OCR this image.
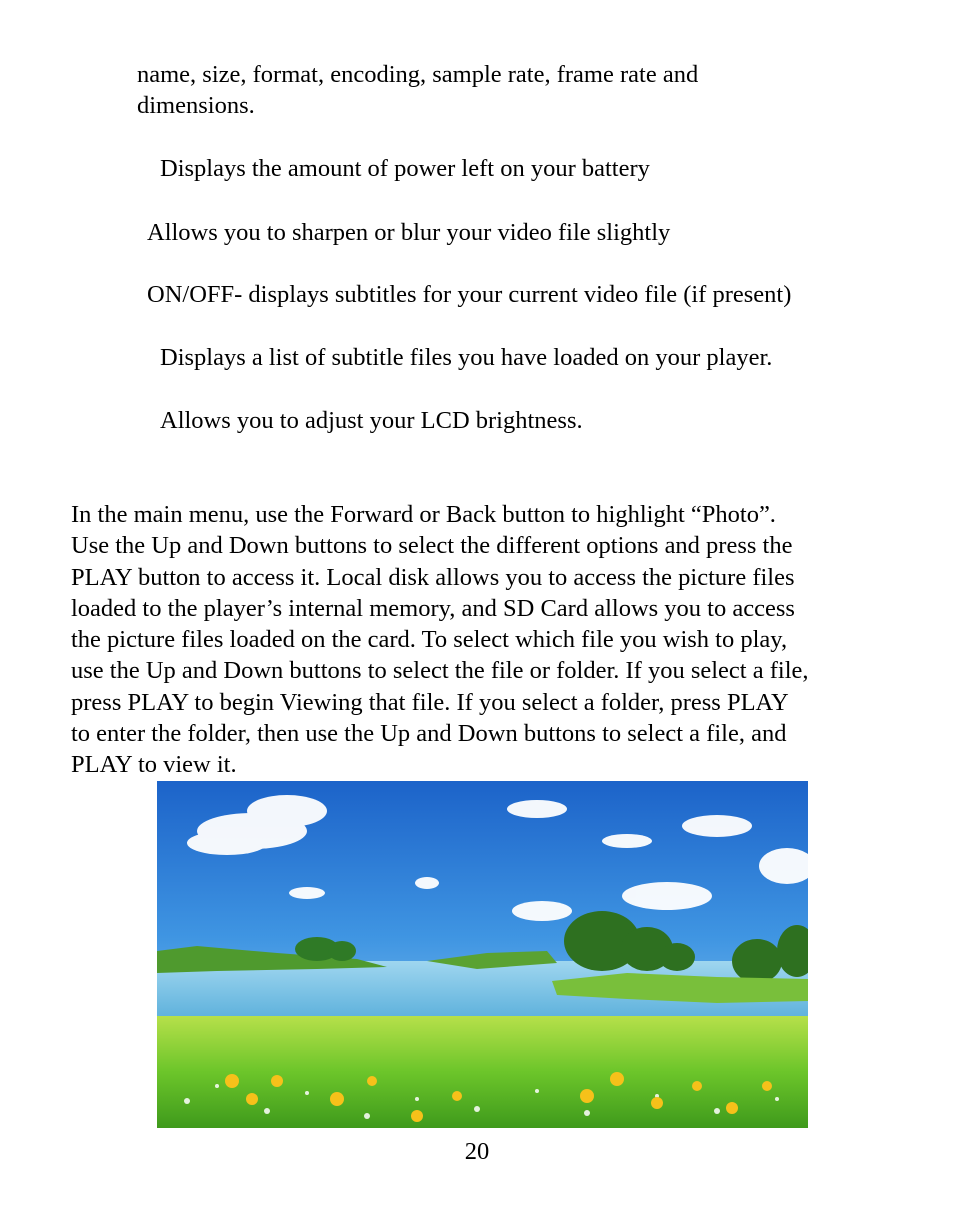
name, size, format, encoding, sample rate, frame rate and

dimensions.

Displays the amount of power left on your battery

Allows you to sharpen or blur your video file slightly

ON/OFF- displays subtitles for your current video file (if present)

Displays a list of subtitle files you have loaded on your player.

Allows you to adjust your LCD brightness.

In the main menu, use the Forward or Back button to highlight “Photo”.
Use the Up and Down buttons to select the different options and press the
PLAY button to access it. Local disk allows you to access the picture files
loaded to the player’s internal memory, and SD Card allows you to access
the picture files loaded on the card. To select which file you wish to play,
use the Up and Down buttons to select the file or folder. If you select a file,
press PLAY to begin Viewing that file. If you select a folder, press PLAY
to enter the folder, then use the Up and Down buttons to select a file, and
PLAY to view it.
20
